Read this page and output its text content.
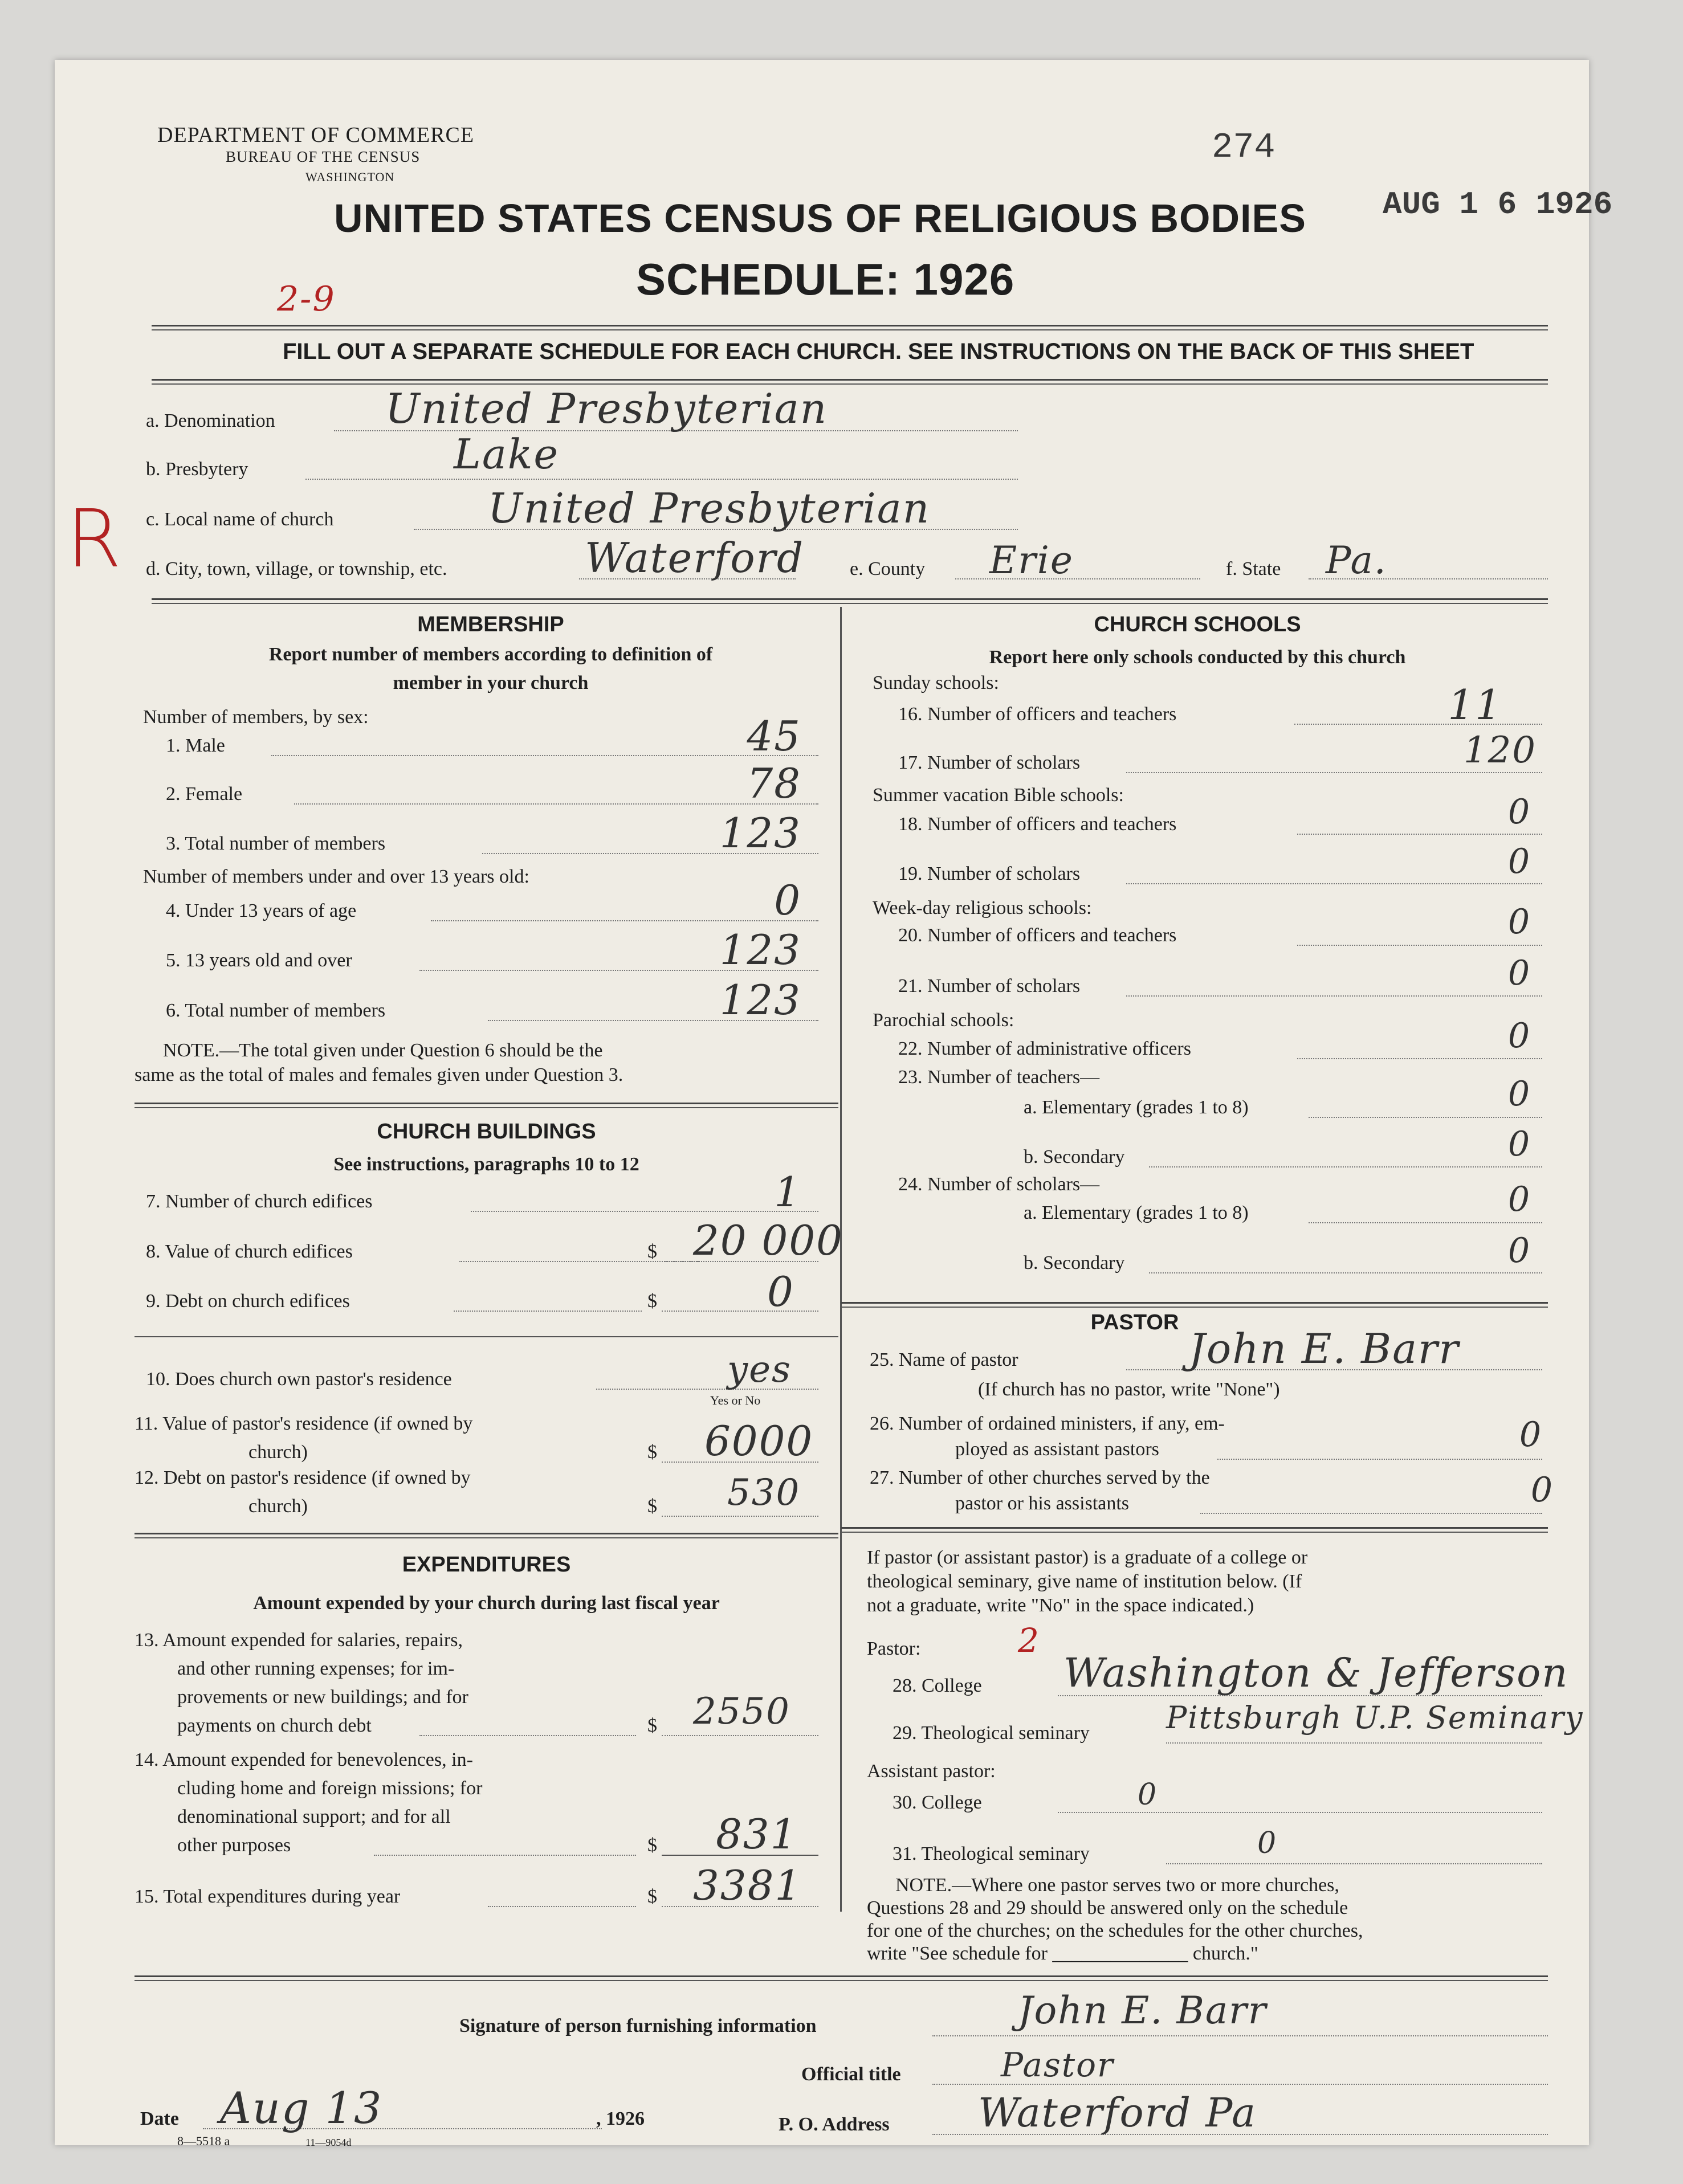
DEPARTMENT OF COMMERCE
BUREAU OF THE CENSUS
WASHINGTON
274
AUG 1 6 1926
UNITED STATES CENSUS OF RELIGIOUS BODIES
SCHEDULE: 1926
2-9
FILL OUT A SEPARATE SCHEDULE FOR EACH CHURCH. SEE INSTRUCTIONS ON THE BACK OF THIS SHEET
R
a. Denomination	United Presbyterian
b. Presbytery	Lake
c. Local name of church	United Presbyterian
d. City, town, village, or township, etc.	Waterford e. County Erie	f. State Pa.
MEMBERSHIP
Report number of members according to definition of
member in your church
Number of members, by sex:
1. Male	45
2. Female	78
3. Total number of members	123
Number of members under and over 13 years old:
4. Under 13 years of age	0
5. 13 years old and over	123
6. Total number of members	123
NOTE.—The total given under Question 6 should be the
same as the total of males and females given under Question 3.
CHURCH BUILDINGS
See instructions, paragraphs 10 to 12
7. Number of church edifices	1
8. Value of church edifices	$ 20 000
9. Debt on church edifices	$	0
10. Does church own pastor's residence	yes
Yes or No
11. Value of pastor's residence (if owned by
church)	$ 6000
12. Debt on pastor's residence (if owned by
church)	$ 530
EXPENDITURES
Amount expended by your church during last fiscal year
13. Amount expended for salaries, repairs,
and other running expenses; for im-
provements or new buildings; and for
payments on church debt	$ 2550
14. Amount expended for benevolences, in-
cluding home and foreign missions; for
denominational support; and for all
other purposes	$ 831
15. Total expenditures during year	$ 3381
CHURCH SCHOOLS
Report here only schools conducted by this church
Sunday schools:
16. Number of officers and teachers	11
17. Number of scholars	120
Summer vacation Bible schools:
18. Number of officers and teachers	0
19. Number of scholars	0
Week-day religious schools:
20. Number of officers and teachers	0
21. Number of scholars	0
Parochial schools:
22. Number of administrative officers	0
23. Number of teachers—
a. Elementary (grades 1 to 8)	0
b. Secondary	0
24. Number of scholars—
a. Elementary (grades 1 to 8)	0
b. Secondary	0
PASTOR
25. Name of pastor	John E. Barr
(If church has no pastor, write "None")
26. Number of ordained ministers, if any, em-
ployed as assistant pastors	0
27. Number of other churches served by the
pastor or his assistants	0
If pastor (or assistant pastor) is a graduate of a college or
theological seminary, give name of institution below. (If
not a graduate, write "No" in the space indicated.)
Pastor:	2
28. College Washington & Jefferson
29. Theological seminary Pittsburgh U.P. Seminary
Assistant pastor:
30. College	0
31. Theological seminary	0
NOTE.—Where one pastor serves two or more churches,
Questions 28 and 29 should be answered only on the schedule
for one of the churches; on the schedules for the other churches,
write "See schedule for ______________ church."
Signature of person furnishing information	John E. Barr
Official title	Pastor
Date Aug 13	, 1926	P. O. Address Waterford Pa
8—5518 a	11—9054d
